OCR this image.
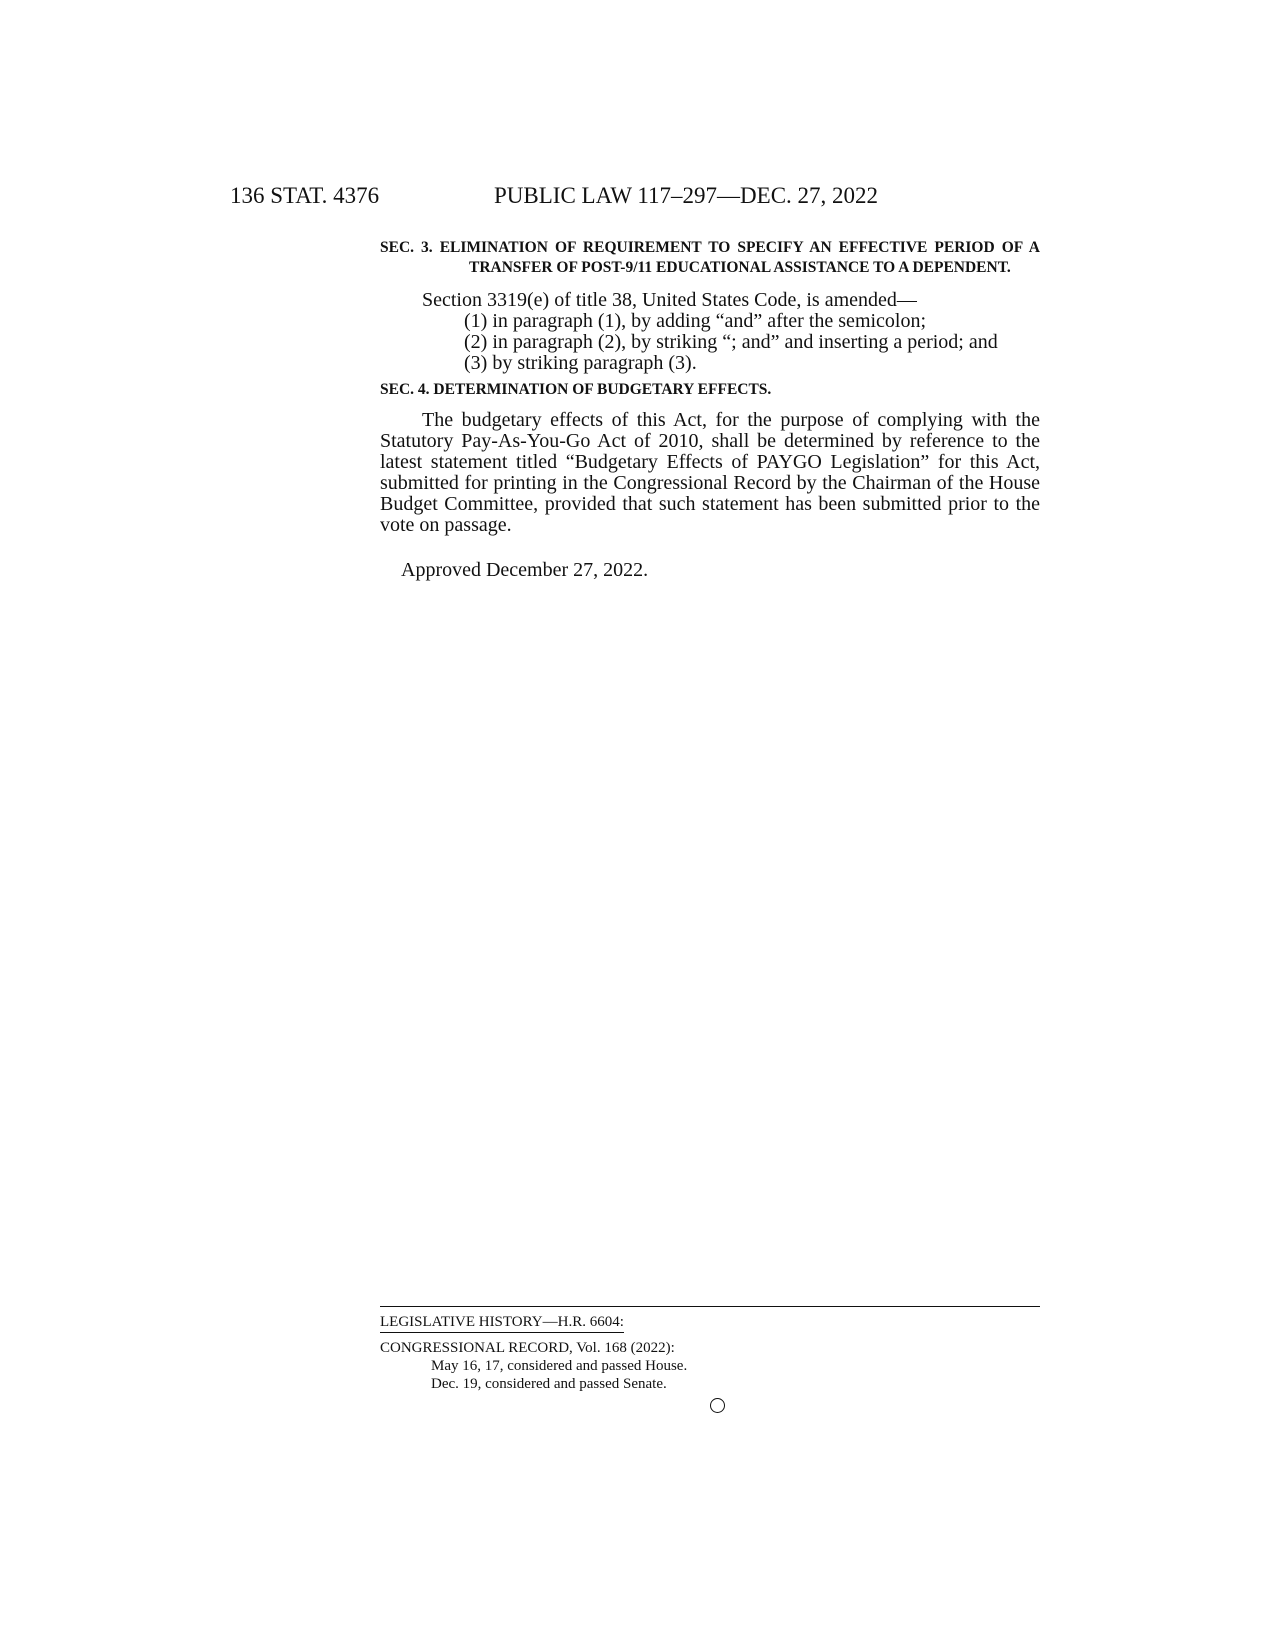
136 STAT. 4376	PUBLIC LAW 117–297—DEC. 27, 2022

SEC. 3. ELIMINATION OF REQUIREMENT TO SPECIFY AN EFFECTIVE PERIOD OF A TRANSFER OF POST-9/11 EDUCATIONAL ASSISTANCE TO A DEPENDENT.

Section 3319(e) of title 38, United States Code, is amended—

(1) in paragraph (1), by adding “and” after the semicolon;

(2) in paragraph (2), by striking “; and” and inserting a period; and

(3) by striking paragraph (3).

SEC. 4. DETERMINATION OF BUDGETARY EFFECTS.

The budgetary effects of this Act, for the purpose of complying with the Statutory Pay-As-You-Go Act of 2010, shall be determined by reference to the latest statement titled “Budgetary Effects of PAYGO Legislation” for this Act, submitted for printing in the Congressional Record by the Chairman of the House Budget Committee, provided that such statement has been submitted prior to the vote on passage.

Approved December 27, 2022.

LEGISLATIVE HISTORY—H.R. 6604:

CONGRESSIONAL RECORD, Vol. 168 (2022):

May 16, 17, considered and passed House.

Dec. 19, considered and passed Senate.
